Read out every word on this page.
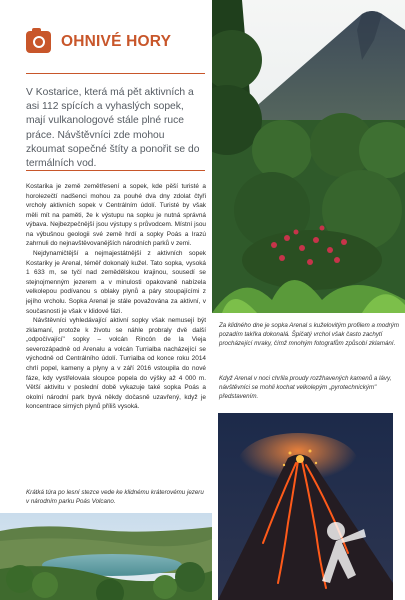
OHNIVÉ HORY

V Kostarice, která má pět aktivních a asi 112 spících a vyhaslých sopek, mají vulkanologové stále plné ruce práce. Návštěvníci zde mohou zkoumat sopečné štíty a ponořit se do termálních vod.

Kostarika je země zemětřesení a sopek, kde pěší turisté a horolezečtí nadšenci mohou za pouhé dva dny zdolat čtyři vrcholy aktivních sopek v Centrálním údolí. Turisté by však měli mít na paměti, že k výstupu na sopku je nutná správná výbava. Nejbezpečnější jsou výstupy s průvodcem. Místní jsou na výbušnou geologii své země hrdí a sopky Poás a Irazú zahrnuli do nejnavštěvovanějších národních parků v zemi.

Nejdynamičtější a nejmajestátnější z aktivních sopek Kostariky je Arenal, téměř dokonalý kužel. Tato sopka, vysoká 1 633 m, se tyčí nad zemědělskou krajinou, sousedí se stejnojmenným jezerem a v minulosti opakovaně nabízela velkolepou podívanou s oblaky plynů a páry stoupajícími z jejího vrcholu. Sopka Arenal je stále považována za aktivní, v současnosti je však v klidové fázi.

Návštěvníci vyhledávající aktivní sopky však nemusejí být zklamaní, protože k životu se náhle probraly dvě další „odpočívající" sopky – volcán Rincón de la Vieja severozápadně od Arenalu a volcán Turrialba nacházející se východně od Centrálního údolí. Turrialba od konce roku 2014 chrlí popel, kameny a plyny a v září 2016 vstoupila do nové fáze, kdy vystřelovala sloupce popela do výšky až 4 000 m. Větší aktivitu v poslední době vykazuje také sopka Poás a okolní národní park byvá někdy dočasně uzavřený, když je koncentrace sirných plynů příliš vysoká.

Krátká túra po lesní stezce vede ke klidnému kráterovému jezeru v národním parku Poás Volcano.

Za klidného dne je sopka Arenal s kuželovitým profilem a modrým pozadím takřka dokonalá. Špičatý vrchol však často zachytí procházející mraky, čímž mnohým fotografům způsobí zklamání.

Když Arenal v noci chrlila proudy rozžhavených kamenů a lávy, návštěvníci se mohli kochat velkolepým „pyrotechnickým" představením.
